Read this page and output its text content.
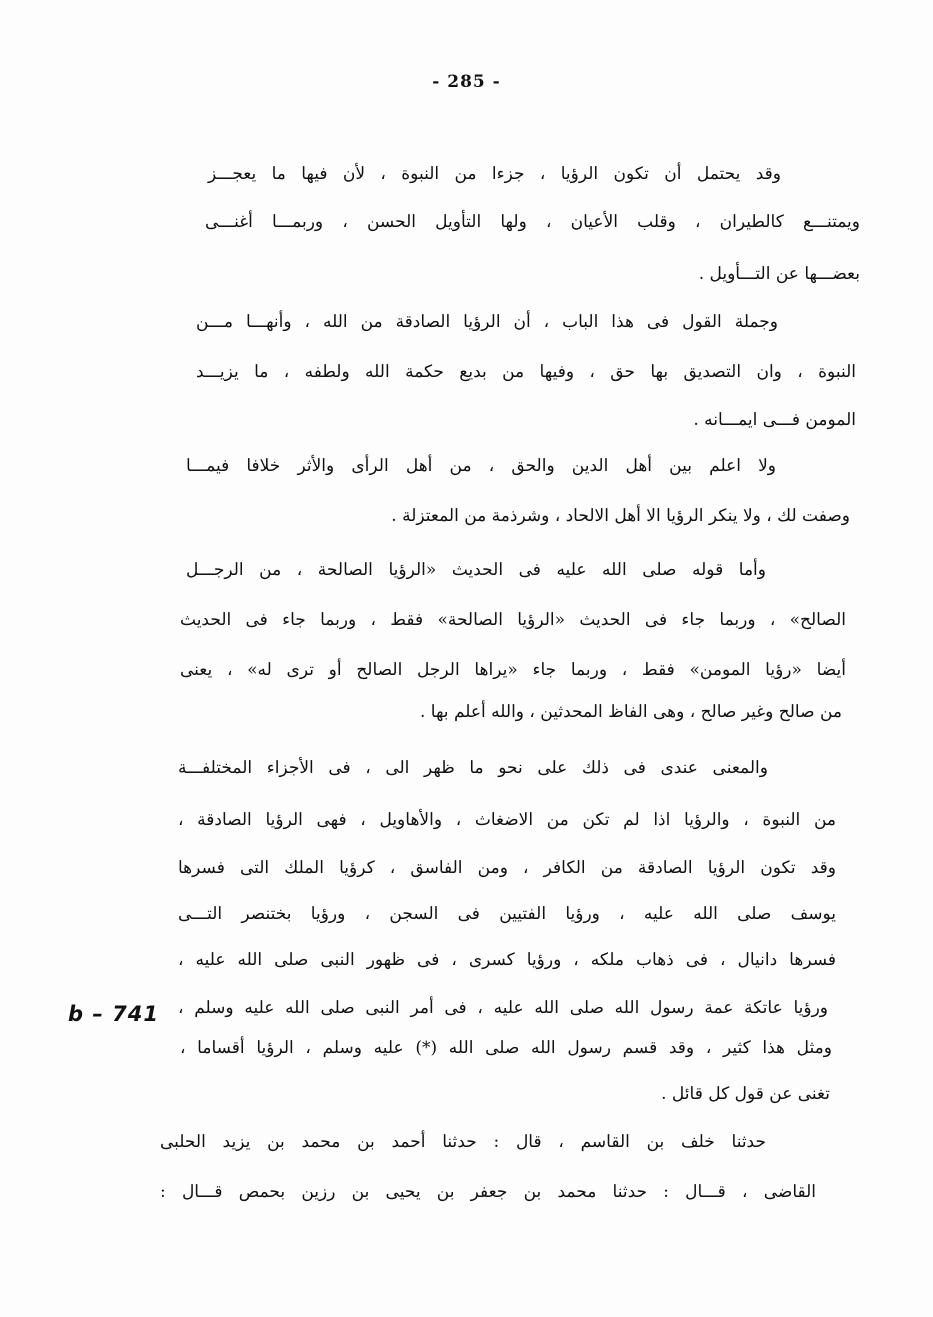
- 285 -
وقد يحتمل أن تكون الرؤيا ، جزءا من النبوة ، لأن فيها ما يعجـــز
ويمتنـــع كالطيران ، وقلب الأعيان ، ولها التأويل الحسن ، وربمـــا أغنـــى
بعضـــها عن التـــأويل .
وجملة القول فى هذا الباب ، أن الرؤيا الصادقة من الله ، وأنهـــا مـــن
النبوة ، وان التصديق بها حق ، وفيها من بديع حكمة الله ولطفه ، ما يزيـــد
المومن فـــى ايمـــانه .
ولا اعلم بين أهل الدين والحق ، من أهل الرأى والأثر خلافا فيمـــا
وصفت لك ، ولا ينكر الرؤيا الا أهل الالحاد ، وشرذمة من المعتزلة .
وأما قوله صلى الله عليه فى الحديث «الرؤيا الصالحة ، من الرجـــل
الصالح» ، وربما جاء فى الحديث «الرؤيا الصالحة» فقط ، وربما جاء فى الحديث
أيضا «رؤيا المومن» فقط ، وربما جاء «يراها الرجل الصالح أو ترى له» ، يعنى
من صالح وغير صالح ، وهى الفاظ المحدثين ، والله أعلم بها .
والمعنى عندى فى ذلك على نحو ما ظهر الى ، فى الأجزاء المختلفـــة
من النبوة ، والرؤيا اذا لم تكن من الاضغاث ، والأهاويل ، فهى الرؤيا الصادقة ،
وقد تكون الرؤيا الصادقة من الكافر ، ومن الفاسق ، كرؤيا الملك التى فسرها
يوسف صلى الله عليه ، ورؤيا الفتيين فى السجن ، ورؤيا بختنصر التـــى
فسرها دانيال ، فى ذهاب ملكه ، ورؤيا كسرى ، فى ظهور النبى صلى الله عليه ،
ورؤيا عاتكة عمة رسول الله صلى الله عليه ، فى أمر النبى صلى الله عليه وسلم ،
ومثل هذا كثير ، وقد قسم رسول الله صلى الله (*) عليه وسلم ، الرؤيا أقساما ،
تغنى عن قول كل قائل .
حدثنا خلف بن القاسم ، قال : حدثنا أحمد بن محمد بن يزيد الحلبى
القاضى ، قـــال : حدثنا محمد بن جعفر بن يحيى بن رزين بحمص قـــال :
b – 741
